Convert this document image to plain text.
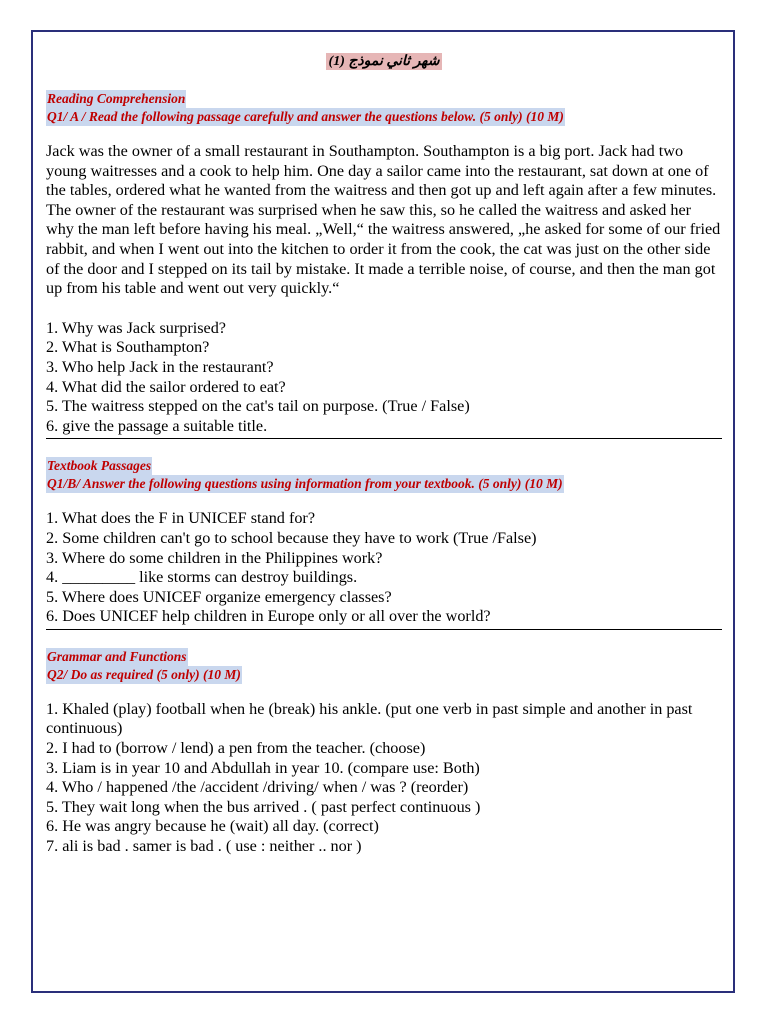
شهر ثاني نموذج (1)
Reading Comprehension
Q1/ A / Read the following passage carefully and answer the questions below. (5 only) (10 M)

Jack was the owner of a small restaurant in Southampton. Southampton is a big port. Jack had two young waitresses and a cook to help him. One day a sailor came into the restaurant, sat down at one of the tables, ordered what he wanted from the waitress and then got up and left again after a few minutes. The owner of the restaurant was surprised when he saw this, so he called the waitress and asked her why the man left before having his meal. „Well,“ the waitress answered, „he asked for some of our fried rabbit, and when I went out into the kitchen to order it from the cook, the cat was just on the other side of the door and I stepped on its tail by mistake. It made a terrible noise, of course, and then the man got up from his table and went out very quickly.“

1. Why was Jack surprised?
2. What is Southampton?
3. Who help Jack in the restaurant?
4. What did the sailor ordered to eat?
5. The waitress stepped on the cat's tail on purpose. (True / False)
6. give the passage a suitable title.
Textbook Passages
Q1/B/ Answer the following questions using information from your textbook. (5 only) (10 M)
1. What does the F in UNICEF stand for?
2. Some children can't go to school because they have to work (True /False)
3. Where do some children in the Philippines work?
4. _________ like storms can destroy buildings.
5. Where does UNICEF organize emergency classes?
6. Does UNICEF help children in Europe only or all over the world?
Grammar and Functions
Q2/ Do as required (5 only) (10 M)
1. Khaled (play) football when he (break) his ankle. (put one verb in past simple and another in past continuous)
2. I had to (borrow / lend) a pen from the teacher. (choose)
3. Liam is in year 10 and Abdullah in year 10. (compare use: Both)
4. Who / happened /the /accident /driving/ when / was ? (reorder)
5. They wait long when the bus arrived . ( past perfect continuous )
6. He was angry because he (wait) all day. (correct)
7. ali is bad . samer is bad . ( use : neither .. nor )
